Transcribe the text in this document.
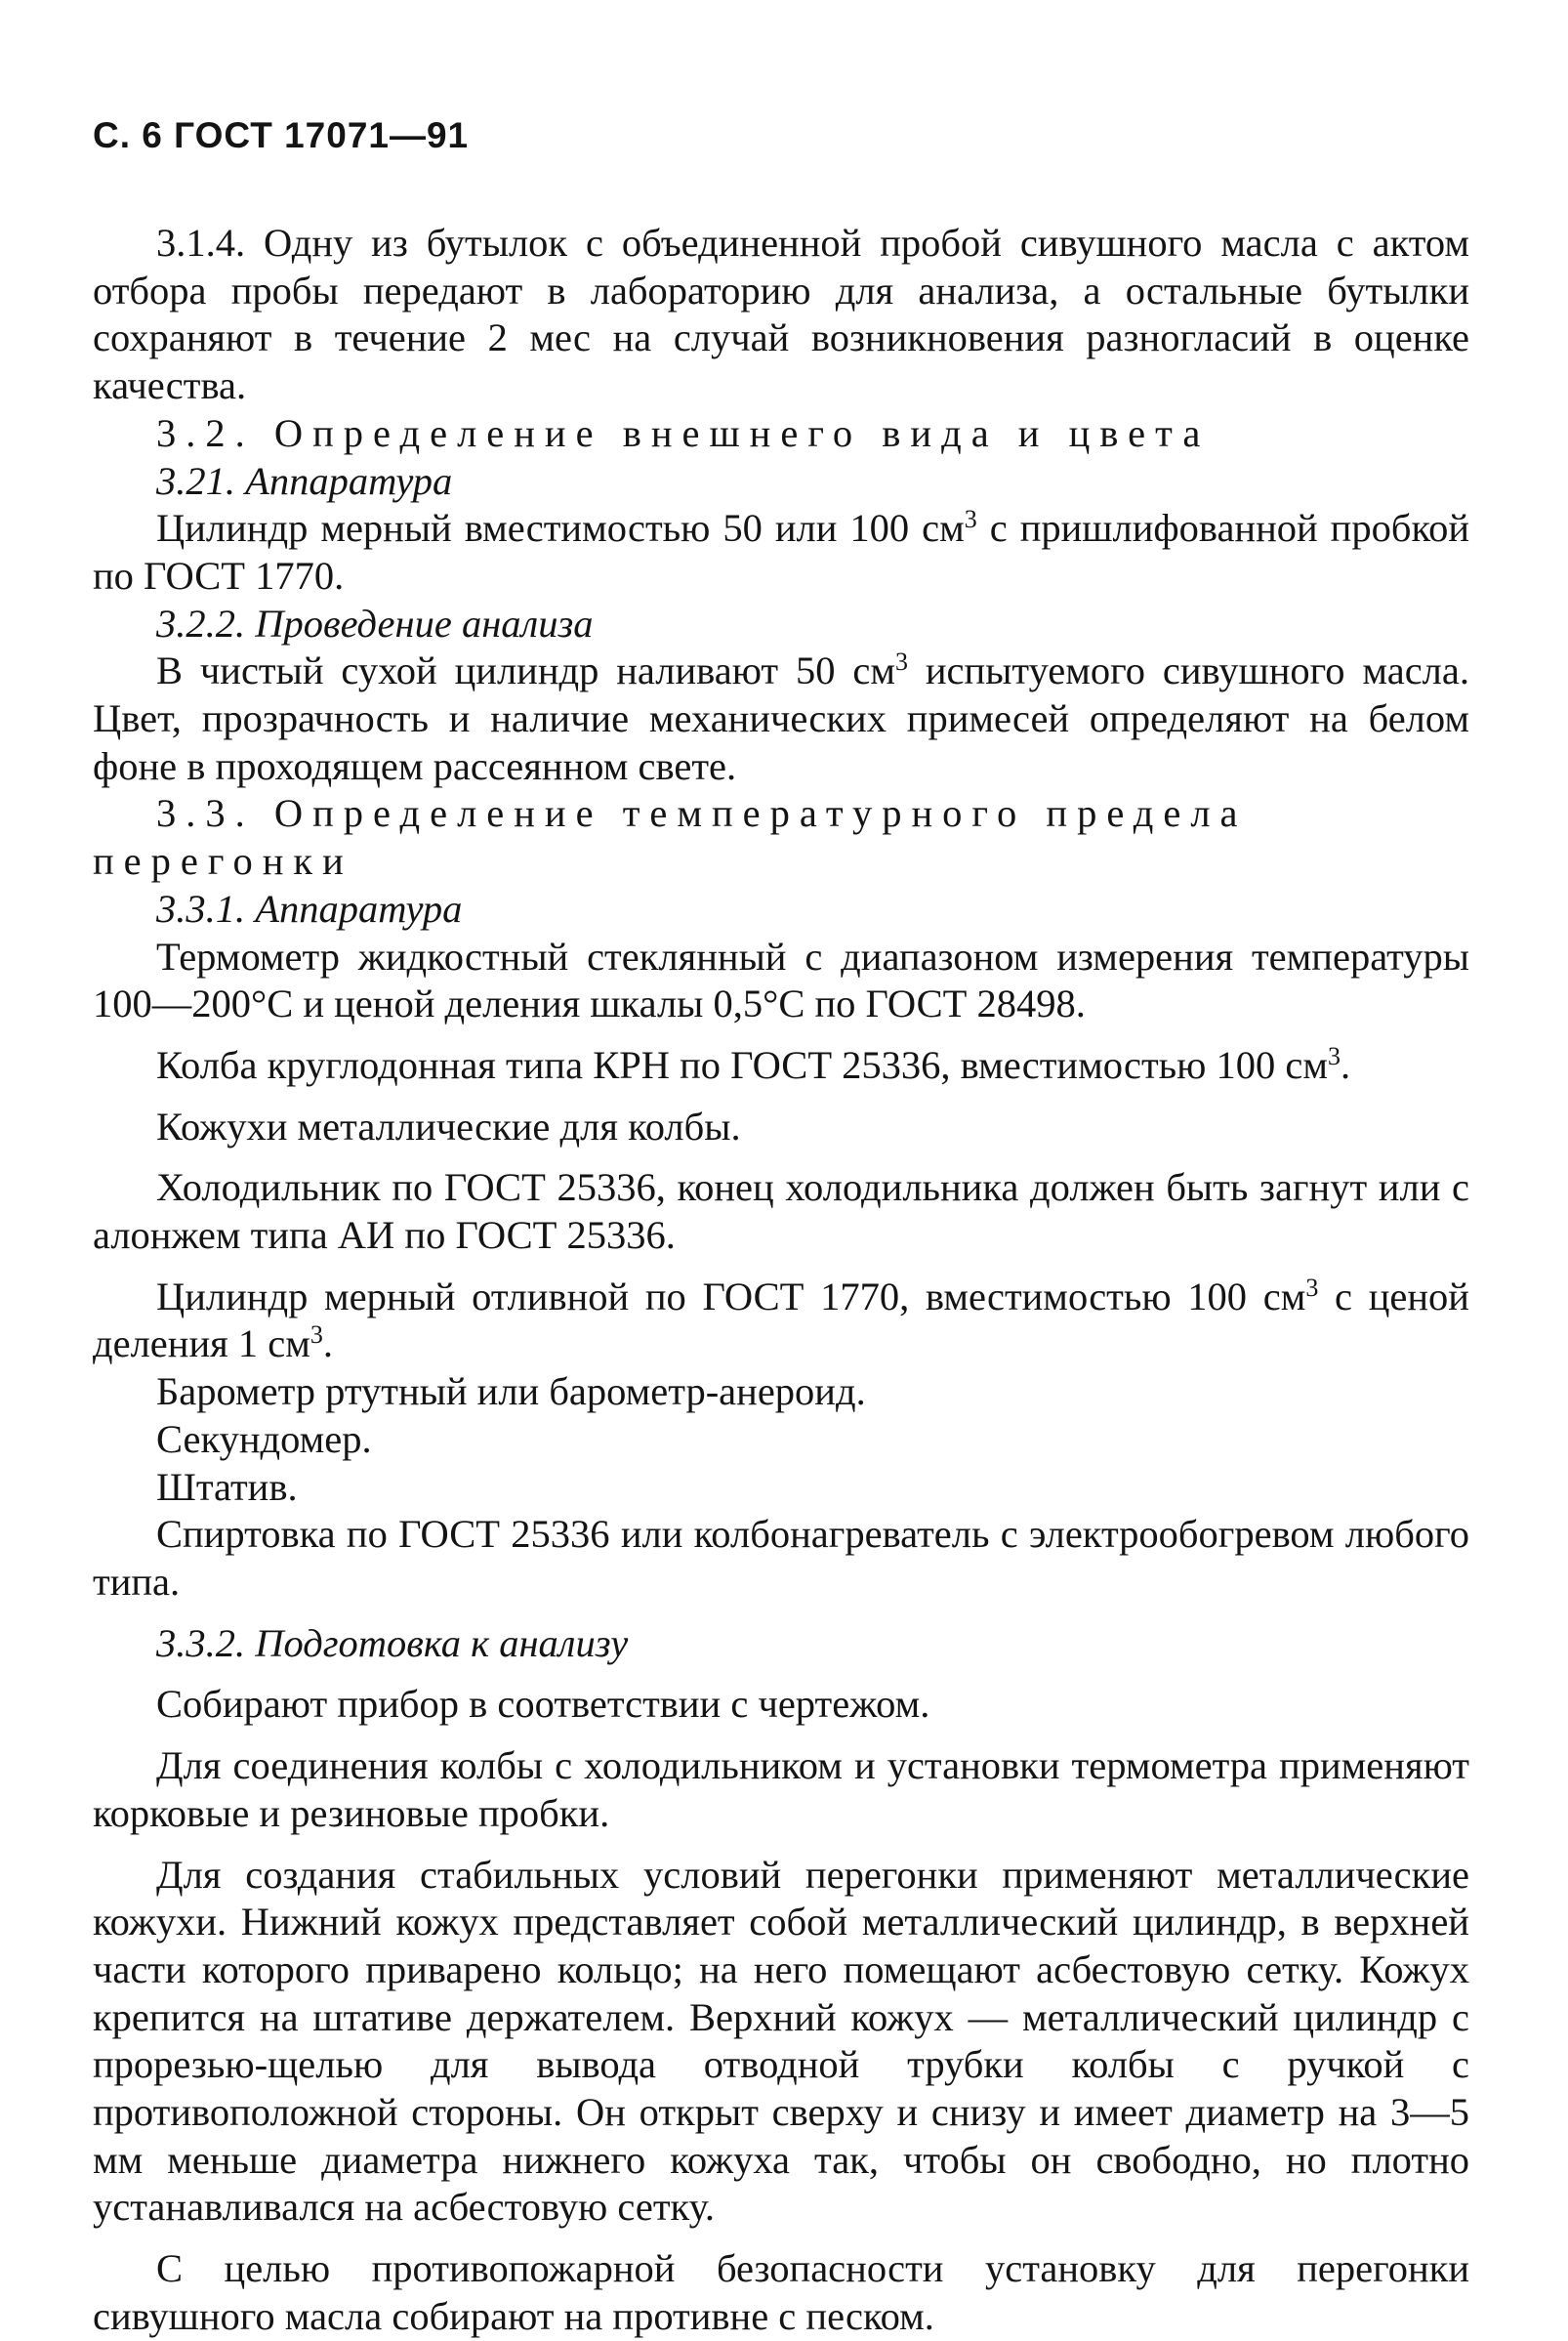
С. 6 ГОСТ 17071—91

3.1.4. Одну из бутылок с объединенной пробой сивушного масла с актом отбора пробы передают в лабораторию для анализа, а остальные бутылки сохраняют в течение 2 мес на случай возникновения разногласий в оценке качества.

3.2. Определение внешнего вида и цвета

3.21. Аппаратура

Цилиндр мерный вместимостью 50 или 100 $см^3$ с пришлифованной пробкой по ГОСТ 1770.

3.2.2. Проведение анализа

В чистый сухой цилиндр наливают 50 $см^3$ испытуемого сивушного масла. Цвет, прозрачность и наличие механических примесей определяют на белом фоне в проходящем рассеянном свете.

3.3. Определение температурного предела перегонки

3.3.1. Аппаратура

Термометр жидкостный стеклянный с диапазоном измерения температуры 100—200°С и ценой деления шкалы 0,5°С по ГОСТ 28498.

Колба круглодонная типа КРН по ГОСТ 25336, вместимостью 100 $см^3$.

Кожухи металлические для колбы.

Холодильник по ГОСТ 25336, конец холодильника должен быть загнут или с алонжем типа АИ по ГОСТ 25336.

Цилиндр мерный отливной по ГОСТ 1770, вместимостью 100 $см^3$ с ценой деления 1 $см^3$.

Барометр ртутный или барометр-анероид.

Секундомер.

Штатив.

Спиртовка по ГОСТ 25336 или колбонагреватель с электрообогревом любого типа.

3.3.2. Подготовка к анализу

Собирают прибор в соответствии с чертежом.

Для соединения колбы с холодильником и установки термометра применяют корковые и резиновые пробки.

Для создания стабильных условий перегонки применяют металлические кожухи. Нижний кожух представляет собой металлический цилиндр, в верхней части которого приварено кольцо; на него помещают асбестовую сетку. Кожух крепится на штативе держателем. Верхний кожух — металлический цилиндр с прорезью-щелью для вывода отводной трубки колбы с ручкой с противоположной стороны. Он открыт сверху и снизу и имеет диаметр на 3—5 мм меньше диаметра нижнего кожуха так, чтобы он свободно, но плотно устанавливался на асбестовую сетку.

С целью противопожарной безопасности установку для перегонки сивушного масла собирают на противне с песком.
